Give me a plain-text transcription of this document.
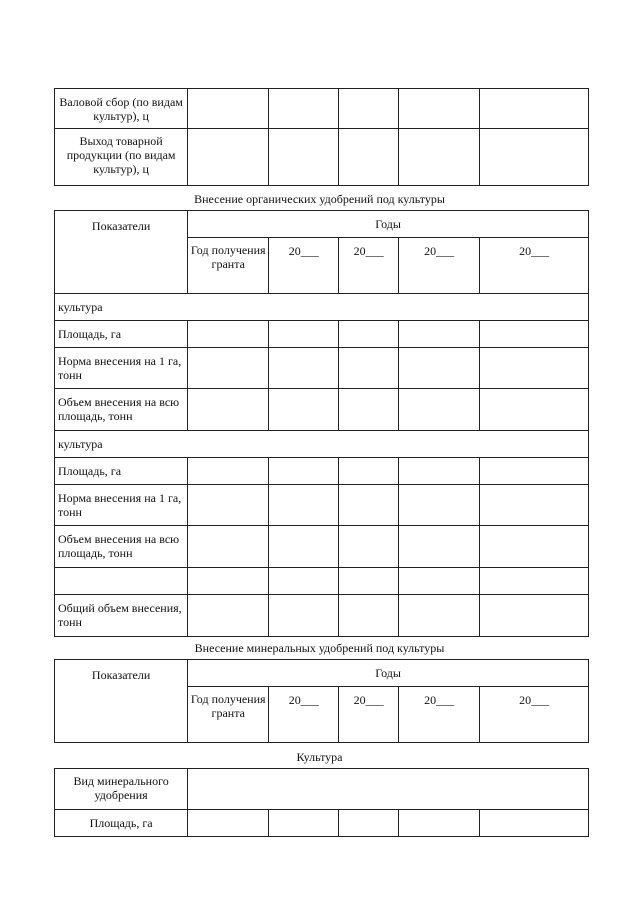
Валовой сбор (по видам культур), ц					
Выход товарной продукции (по видам культур), ц					
Внесение органических удобрений под культуры
Показатели	Годы				
	Год получения гранта	20___	20___	20___	20___
культура					
Площадь, га					
Норма внесения на 1 га, тонн					
Объем внесения на всю площадь, тонн					
культура					
Площадь, га					
Норма внесения на 1 га, тонн					
Объем внесения на всю площадь, тонн					

Общий объем внесения, тонн					
Внесение минеральных удобрений под культуры
Показатели	Годы				
	Год получения гранта	20___	20___	20___	20___
Культура
Вид минерального удобрения					
Площадь, га					
